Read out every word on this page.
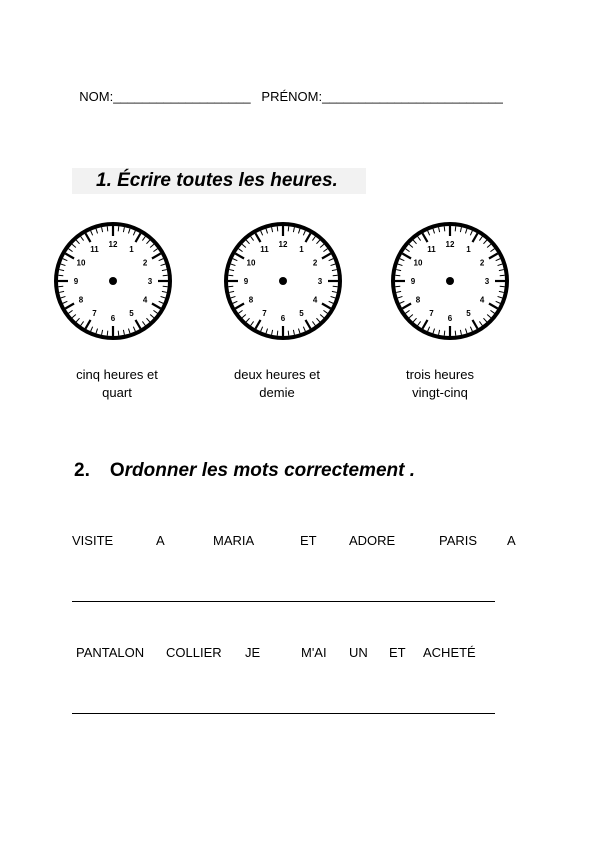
NOM:___________________ PRÉNOM:_________________________

1. Écrire toutes les heures.
12
1
2
3
4
5
6
7
8
9
10
11
12
1
2
3
4
5
6
7
8
9
10
11
12
1
2
3
4
5
6
7
8
9
10
11
cinq heures et
quart
deux heures et
demie
trois heures
vingt-cinq
2. Ordonner les mots correctement .
VISITE	A	MARIA	ET ADORE	PARIS A
PANTALON COLLIER JE	M'AI UN ET ACHETÉ
